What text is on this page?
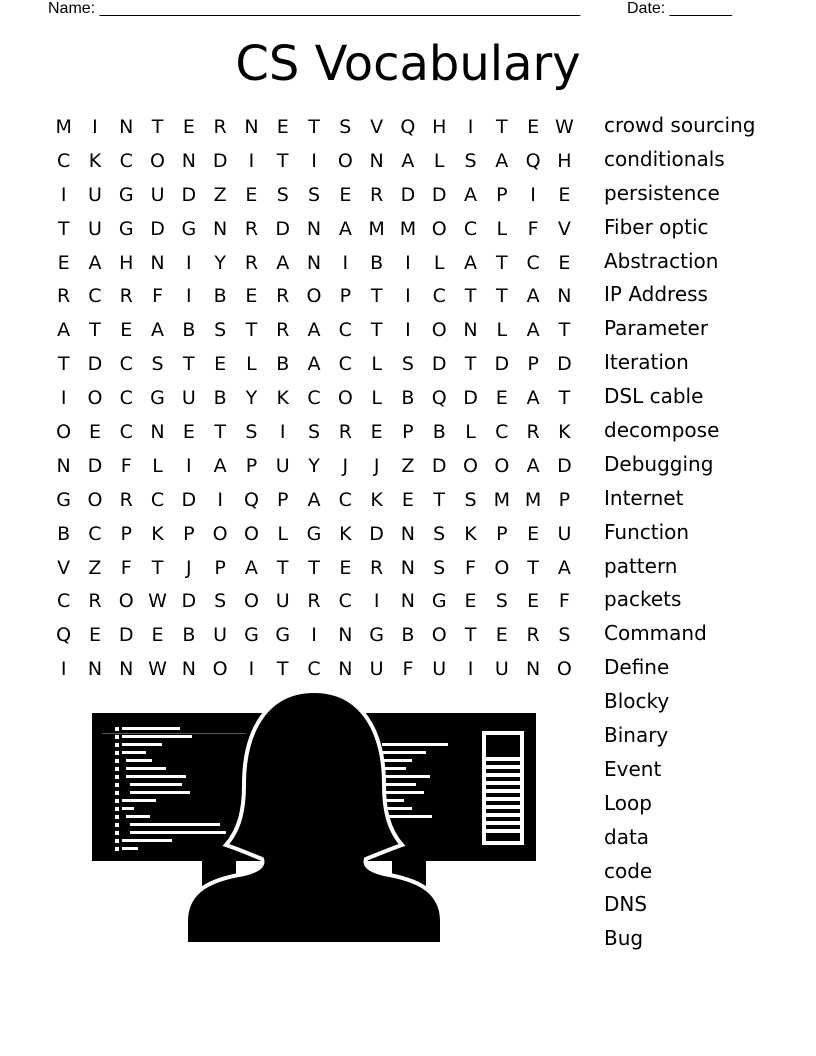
Name: ______________________________________________________	Date: _______
CS Vocabulary
M	I	N T	E R N E	T	S V Q H	I	T	E W
C K C O N D	I	T	I	O N A	L	S A Q H
I	U G U D Z E	S	S	E R D D A	P	I	E
T U G D G N R D N A M M O C	L	F	V
E A H N	I	Y R A N	I	B	I	L	A	T C E
R C R	F	I	B E R O P	T	I	C T	T A N
A	T	E A B S	T R A C T	I	O N L	A	T
T D C S	T	E	L	B A C	L	S D T D P D
I	O C G U B Y	K C O L	B Q D E A	T
O E C N E	T	S	I	S R E	P	B	L	C R K
N D F	L	I	A	P U Y	J	J	Z D O O A D
G O R C D	I	Q P	A C K	E	T	S M M P
B C P	K	P O O L G K D N S	K	P	E U
V Z	F	T	J	P	A	T	T	E R N S	F O T A
C R O W D S O U R C	I	N G E	S	E	F
Q E D E B U G G	I	N G B O T	E R S
I	N N W N O	I	T C N U F U	I	U N O
crowd sourcing
conditionals
persistence
Fiber optic
Abstraction
IP Address
Parameter
Iteration
DSL cable
decompose
Debugging
Internet
Function
pattern
packets
Command
Define
Blocky
Binary
Event
Loop
data
code
DNS
Bug
